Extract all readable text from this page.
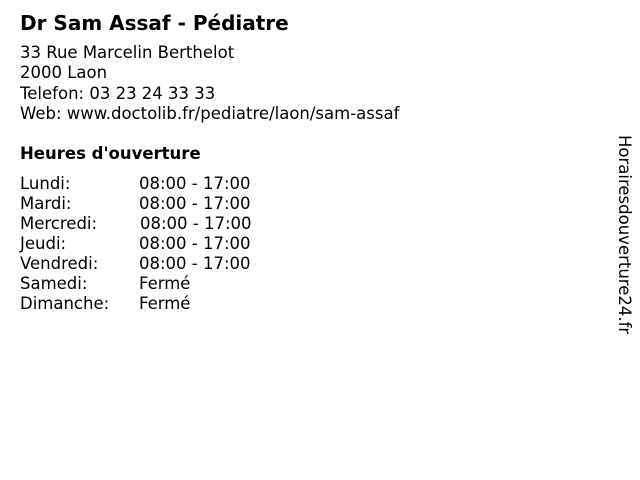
Dr Sam Assaf - Pédiatre
33 Rue Marcelin Berthelot
2000 Laon
Telefon: 03 23 24 33 33
Web: www.doctolib.fr/pediatre/laon/sam-assaf
Heures d'ouverture
Lundi:	08:00 - 17:00
Mardi:	08:00 - 17:00
Mercredi:	08:00 - 17:00
Jeudi:	08:00 - 17:00
Vendredi: 08:00 - 17:00
Samedi:	Fermé
Dimanche: Fermé	Horairesdouverture24.fr
